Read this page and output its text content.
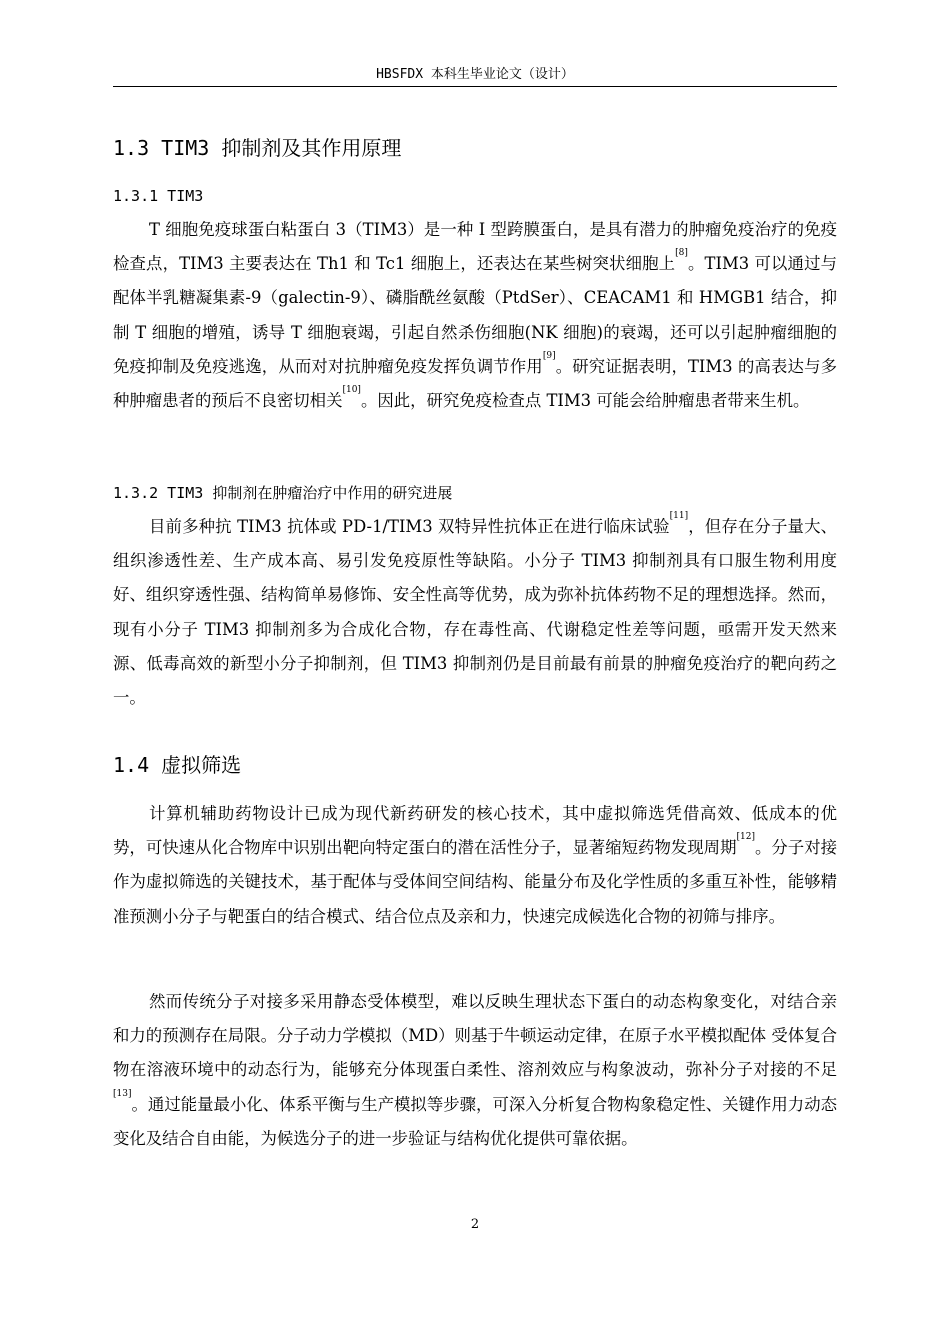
HBSFDX 本科生毕业论文（设计）
1.3 TIM3 抑制剂及其作用原理
1.3.1 TIM3

T 细胞免疫球蛋白粘蛋白 3（TIM3）是一种 I 型跨膜蛋白，是具有潜力的肿瘤免疫治疗的免疫检查点，TIM3 主要表达在 Th1 和 Tc1 细胞上，还表达在某些树突状细胞上[8]。TIM3 可以通过与配体半乳糖凝集素-9（galectin-9）、磷脂酰丝氨酸（PtdSer）、CEACAM1 和 HMGB1 结合，抑制 T 细胞的增殖，诱导 T 细胞衰竭，引起自然杀伤细胞(NK 细胞)的衰竭，还可以引起肿瘤细胞的免疫抑制及免疫逃逸，从而对对抗肿瘤免疫发挥负调节作用[9]。研究证据表明，TIM3 的高表达与多种肿瘤患者的预后不良密切相关[10]。因此，研究免疫检查点 TIM3 可能会给肿瘤患者带来生机。

1.3.2 TIM3 抑制剂在肿瘤治疗中作用的研究进展

目前多种抗 TIM3 抗体或 PD-1/TIM3 双特异性抗体正在进行临床试验[11]，但存在分子量大、组织渗透性差、生产成本高、易引发免疫原性等缺陷。小分子 TIM3 抑制剂具有口服生物利用度好、组织穿透性强、结构简单易修饰、安全性高等优势，成为弥补抗体药物不足的理想选择。然而，现有小分子 TIM3 抑制剂多为合成化合物，存在毒性高、代谢稳定性差等问题，亟需开发天然来源、低毒高效的新型小分子抑制剂，但 TIM3 抑制剂仍是目前最有前景的肿瘤免疫治疗的靶向药之一。

1.4 虚拟筛选

计算机辅助药物设计已成为现代新药研发的核心技术，其中虚拟筛选凭借高效、低成本的优势，可快速从化合物库中识别出靶向特定蛋白的潜在活性分子，显著缩短药物发现周期[12]。分子对接作为虚拟筛选的关键技术，基于配体与受体间空间结构、能量分布及化学性质的多重互补性，能够精准预测小分子与靶蛋白的结合模式、结合位点及亲和力，快速完成候选化合物的初筛与排序。

然而传统分子对接多采用静态受体模型，难以反映生理状态下蛋白的动态构象变化，对结合亲和力的预测存在局限。分子动力学模拟（MD）则基于牛顿运动定律，在原子水平模拟配体 受体复合物在溶液环境中的动态行为，能够充分体现蛋白柔性、溶剂效应与构象波动，弥补分子对接的不足[13]。通过能量最小化、体系平衡与生产模拟等步骤，可深入分析复合物构象稳定性、关键作用力动态变化及结合自由能，为候选分子的进一步验证与结构优化提供可靠依据。

2
